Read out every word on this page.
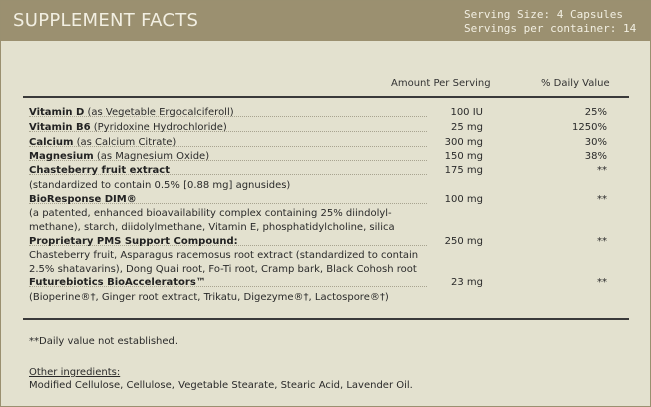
SUPPLEMENT FACTS	Serving Size: 4 Capsules
Servings per container: 14
Amount Per Serving	% Daily Value
Vitamin D (as Vegetable Ergocalciferoll)	100 IU	25%
Vitamin B6 (Pyridoxine Hydrochloride)	25 mg	1250%
Calcium (as Calcium Citrate)	300 mg	30%
Magnesium (as Magnesium Oxide)	150 mg	38%
Chasteberry fruit extract	175 mg	**
(standardized to contain 0.5% [0.88 mg] agnusides)
BioResponse DIM®	100 mg	**
(a patented, enhanced bioavailability complex containing 25% diindolyl-
methane), starch, diidolylmethane, Vitamin E, phosphatidylcholine, silica
Proprietary PMS Support Compound:	250 mg	**
Chasteberry fruit, Asparagus racemosus root extract (standardized to contain
2.5% shatavarins), Dong Quai root, Fo-Ti root, Cramp bark, Black Cohosh root
Futurebiotics BioAccelerators™	23 mg	**
(Bioperine®†, Ginger root extract, Trikatu, Digezyme®†, Lactospore®†)
**Daily value not established.
Other ingredients:
Modified Cellulose, Cellulose, Vegetable Stearate, Stearic Acid, Lavender Oil.
